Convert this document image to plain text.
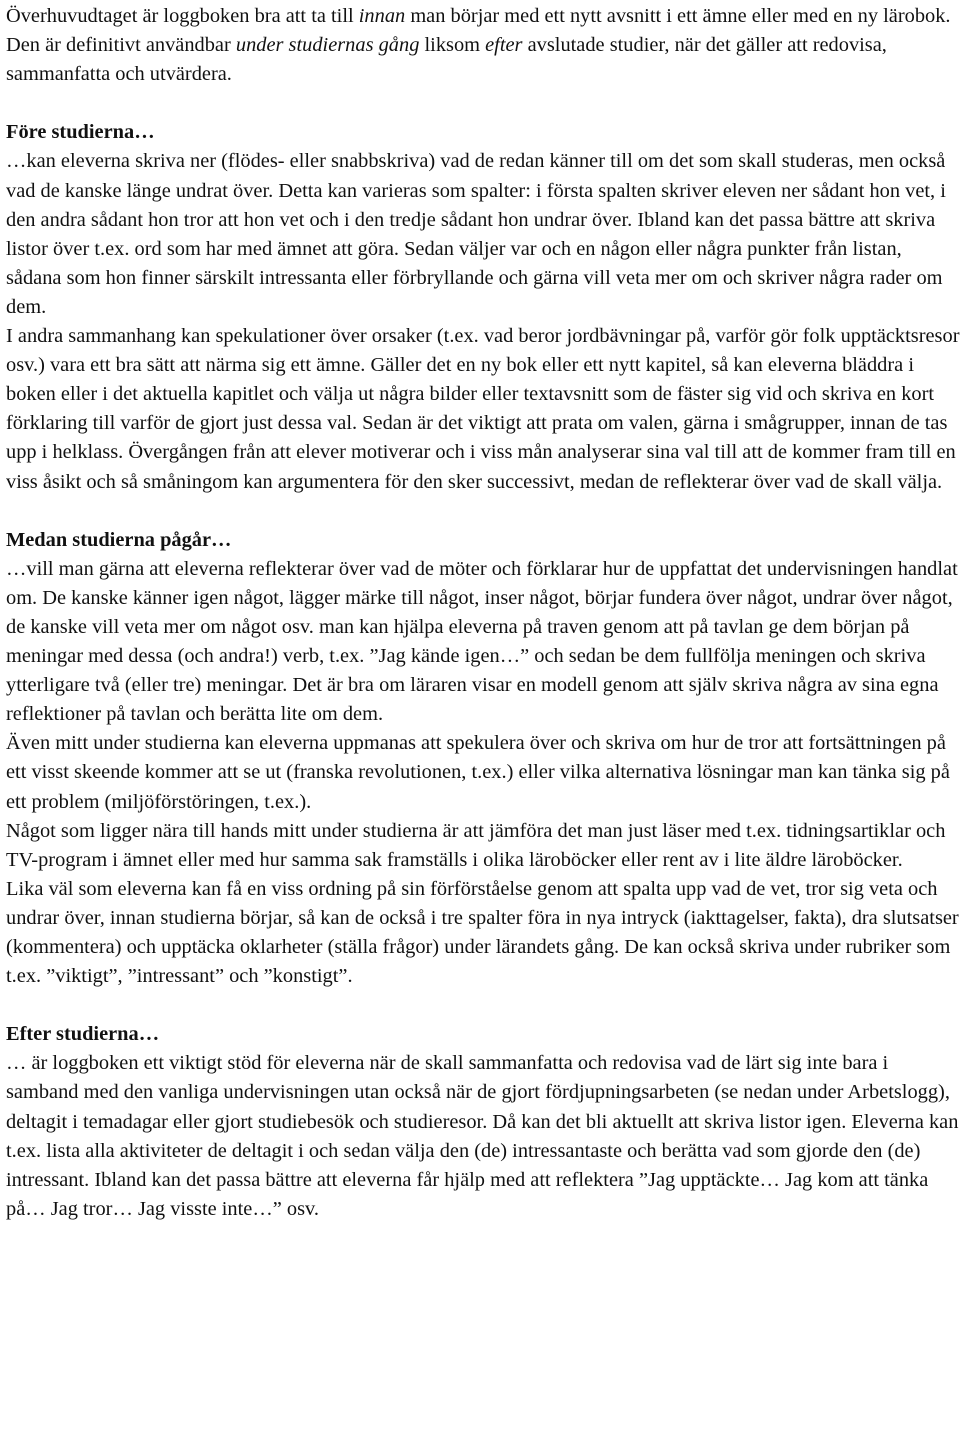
Överhuvudtaget är loggboken bra att ta till innan man börjar med ett nytt avsnitt i ett ämne eller med en ny lärobok. Den är definitivt användbar under studiernas gång liksom efter avslutade studier, när det gäller att redovisa, sammanfatta och utvärdera.

Före studierna…

…kan eleverna skriva ner (flödes- eller snabbskriva) vad de redan känner till om det som skall studeras, men också vad de kanske länge undrat över. Detta kan varieras som spalter: i första spalten skriver eleven ner sådant hon vet, i den andra sådant hon tror att hon vet och i den tredje sådant hon undrar över. Ibland kan det passa bättre att skriva listor över t.ex. ord som har med ämnet att göra. Sedan väljer var och en någon eller några punkter från listan, sådana som hon finner särskilt intressanta eller förbryllande och gärna vill veta mer om och skriver några rader om dem.

I andra sammanhang kan spekulationer över orsaker (t.ex. vad beror jordbävningar på, varför gör folk upptäcktsresor osv.) vara ett bra sätt att närma sig ett ämne. Gäller det en ny bok eller ett nytt kapitel, så kan eleverna bläddra i boken eller i det aktuella kapitlet och välja ut några bilder eller textavsnitt som de fäster sig vid och skriva en kort förklaring till varför de gjort just dessa val. Sedan är det viktigt att prata om valen, gärna i smågrupper, innan de tas upp i helklass. Övergången från att elever motiverar och i viss mån analyserar sina val till att de kommer fram till en viss åsikt och så småningom kan argumentera för den sker successivt, medan de reflekterar över vad de skall välja.

Medan studierna pågår…

…vill man gärna att eleverna reflekterar över vad de möter och förklarar hur de uppfattat det undervisningen handlat om. De kanske känner igen något, lägger märke till något, inser något, börjar fundera över något, undrar över något, de kanske vill veta mer om något osv. man kan hjälpa eleverna på traven genom att på tavlan ge dem början på meningar med dessa (och andra!) verb, t.ex. ”Jag kände igen…” och sedan be dem fullfölja meningen och skriva ytterligare två (eller tre) meningar. Det är bra om läraren visar en modell genom att själv skriva några av sina egna reflektioner på tavlan och berätta lite om dem.

Även mitt under studierna kan eleverna uppmanas att spekulera över och skriva om hur de tror att fortsättningen på ett visst skeende kommer att se ut (franska revolutionen, t.ex.) eller vilka alternativa lösningar man kan tänka sig på ett problem (miljöförstöringen, t.ex.).

Något som ligger nära till hands mitt under studierna är att jämföra det man just läser med t.ex. tidningsartiklar och TV-program i ämnet eller med hur samma sak framställs i olika läroböcker eller rent av i lite äldre läroböcker.

Lika väl som eleverna kan få en viss ordning på sin förförståelse genom att spalta upp vad de vet, tror sig veta och undrar över, innan studierna börjar, så kan de också i tre spalter föra in nya intryck (iakttagelser, fakta), dra slutsatser (kommentera) och upptäcka oklarheter (ställa frågor) under lärandets gång. De kan också skriva under rubriker som t.ex. ”viktigt”, ”intressant” och ”konstigt”.

Efter studierna…

… är loggboken ett viktigt stöd för eleverna när de skall sammanfatta och redovisa vad de lärt sig inte bara i samband med den vanliga undervisningen utan också när de gjort fördjupningsarbeten (se nedan under Arbetslogg), deltagit i temadagar eller gjort studiebesök och studieresor. Då kan det bli aktuellt att skriva listor igen. Eleverna kan t.ex. lista alla aktiviteter de deltagit i och sedan välja den (de) intressantaste och berätta vad som gjorde den (de) intressant. Ibland kan det passa bättre att eleverna får hjälp med att reflektera ”Jag upptäckte… Jag kom att tänka på… Jag tror… Jag visste inte…” osv.
